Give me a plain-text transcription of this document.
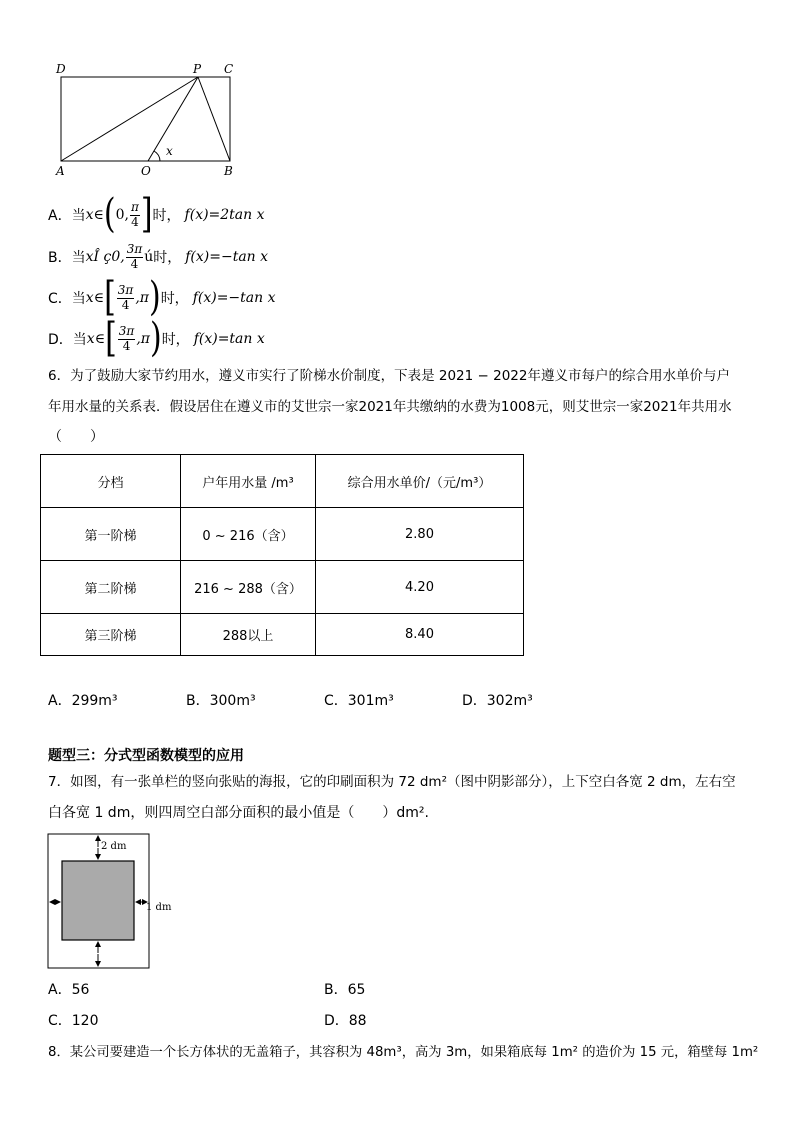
D	P C
A	O	B
x
A．当 x ∈ ( 0, $\frac{\pi}{4}$ ] 时， f(x)=2tan x
B．当 xÎ ç0, $\frac{3\pi}{4}$ ú 时， f(x)=−tan x
C．当 x ∈ [ $\frac{3\pi}{4} ,\pi$ ) 时， f(x)=−tan x
D．当 x ∈ [ $\frac{3\pi}{4} ,\pi$ ) 时， f(x)=tan x
6．为了鼓励大家节约用水，遵义市实行了阶梯水价制度，下表是 2021 − 2022年遵义市每户的综合用水单价与户
年用水量的关系表．假设居住在遵义市的艾世宗一家2021年共缴纳的水费为1008元，则艾世宗一家2021年共用水
（　　）
分档	户年用水量 /m³	综合用水单价/（元/m³）
第一阶梯	0 ~ 216（含）	2.80
第二阶梯	216 ~ 288（含）	4.20
第三阶梯	288以上	8.40
A．299m³	B．300m³	C．301m³	D．302m³
题型三：分式型函数模型的应用
7．如图，有一张单栏的竖向张贴的海报，它的印刷面积为 72 dm²（图中阴影部分），上下空白各宽 2 dm，左右空
白各宽 1 dm，则四周空白部分面积的最小值是（　　）dm².
2 dm
1 dm
A．56	B．65
C．120	D．88
8．某公司要建造一个长方体状的无盖箱子，其容积为 48m³，高为 3m，如果箱底每 1m² 的造价为 15 元，箱壁每 1m²
